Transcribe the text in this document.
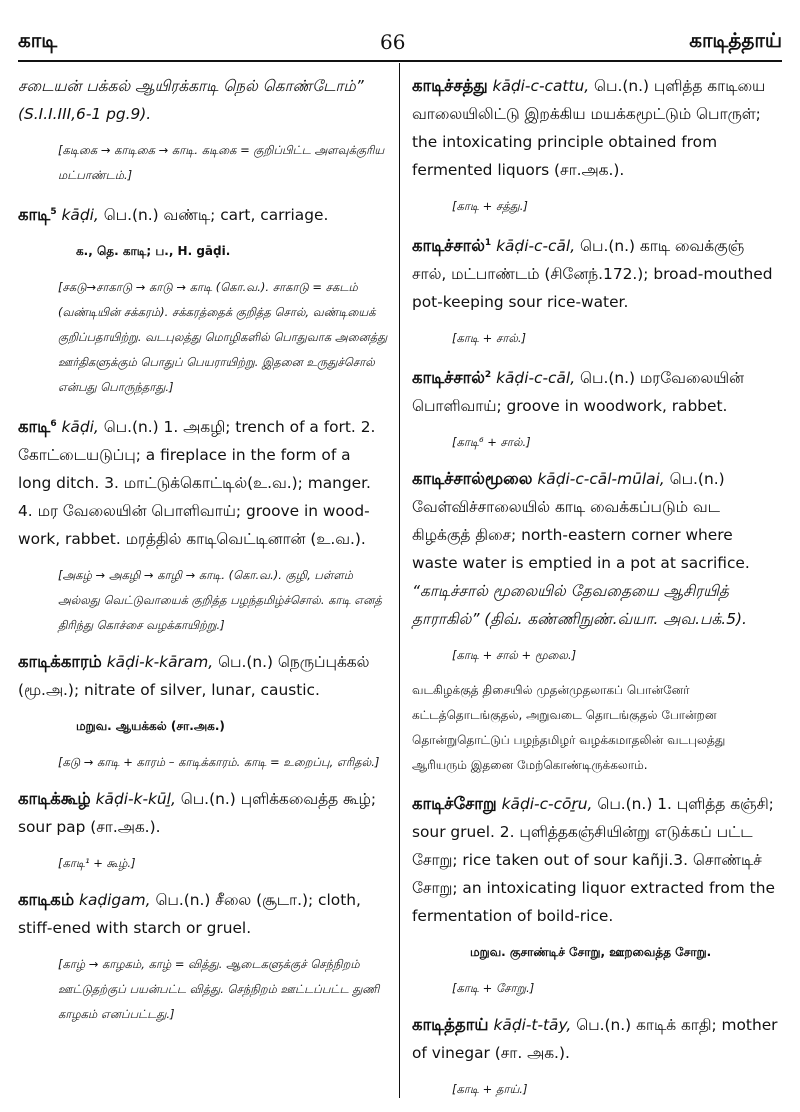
காடி	66	காடித்தாய்

சடையன் பக்கல் ஆயிரக்காடி நெல் கொண்டோம்” (S.I.I.III,6-1 pg.9).

[கடிகை → காடிகை → காடி. கடிகை = குறிப்பிட்ட அளவுக்குரிய மட்பாண்டம்.]

காடி$^5$ kāḍi, பெ.(n.) வண்டி; cart, carriage.

க., தெ. காடி; ப., H. gāḍi.

[சகடு→சாகாடு → காடு → காடி (கொ.வ.). சாகாடு = சகடம் (வண்டியின் சக்கரம்). சக்கரத்தைக் குறித்த சொல், வண்டியைக் குறிப்பதாயிற்று. வடபுலத்து மொழிகளில் பொதுவாக அனைத்து ஊர்திகளுக்கும் பொதுப் பெயராயிற்று. இதனை உருதுச்சொல் என்பது பொருந்தாது.]

காடி$^6$ kāḍi, பெ.(n.) 1. அகழி; trench of a fort. 2. கோட்டையடுப்பு; a fireplace in the form of a long ditch. 3. மாட்டுக்கொட்டில்(உ.வ.); manger. 4. மர வேலையின் பொளிவாய்; groove in wood-work, rabbet. மரத்தில் காடிவெட்டினான் (உ.வ.).

[அகழ் → அகழி → காழி → காடி. (கொ.வ.). குழி, பள்ளம் அல்லது வெட்டுவாயைக் குறித்த பழந்தமிழ்ச்சொல். காடி எனத் திரிந்து கொச்சை வழக்காயிற்று.]

காடிக்காரம் kāḍi-k-kāram, பெ.(n.) நெருப்புக்கல் (மூ.அ.); nitrate of silver, lunar, caustic.

மறுவ. ஆயக்கல் (சா.அக.)

[கடு → காடி + காரம் – காடிக்காரம். காடி = உறைப்பு, எரிதல்.]

காடிக்கூழ் kāḍi-k-kūḻ, பெ.(n.) புளிக்கவைத்த கூழ்; sour pap (சா.அக.).

[காடி¹ + கூழ்.]

காடிகம் kaḍigam, பெ.(n.) சீலை (சூடா.); cloth, stiff-ened with starch or gruel.

[காழ் → காழகம், காழ் = வித்து. ஆடைகளுக்குச் செந்நிறம் ஊட்டுதற்குப் பயன்பட்ட வித்து. செந்நிறம் ஊட்டப்பட்ட துணி காழகம் எனப்பட்டது.]

காடிச்சத்து kāḍi-c-cattu, பெ.(n.) புளித்த காடியை வாலையிலிட்டு இறக்கிய மயக்கமூட்டும் பொருள்; the intoxicating principle obtained from fermented liquors (சா.அக.).

[காடி + சத்து.]

காடிச்சால்$^1$ kāḍi-c-cāl, பெ.(n.) காடி வைக்குஞ் சால், மட்பாண்டம் (சினேந்.172.); broad-mouthed pot-keeping sour rice-water.

[காடி + சால்.]

காடிச்சால்$^2$ kāḍi-c-cāl, பெ.(n.) மரவேலையின் பொளிவாய்; groove in woodwork, rabbet.

[காடி⁶ + சால்.]

காடிச்சால்மூலை kāḍi-c-cāl-mūlai, பெ.(n.) வேள்விச்சாலையில் காடி வைக்கப்படும் வட கிழக்குத் திசை; north-eastern corner where waste water is emptied in a pot at sacrifice. “காடிச்சால் மூலையில் தேவதையை ஆசிரயித் தாராகில்” (திவ். கண்ணிநுண்.வ்யா. அவ.பக்.5).

[காடி + சால் + மூலை.]

வடகிழக்குத் திசையில் முதன்முதலாகப் பொன்னேர் கட்டத்தொடங்குதல், அறுவடை தொடங்குதல் போன்றன தொன்றுதொட்டுப் பழந்தமிழர் வழக்கமாதலின் வடபுலத்து ஆரியரும் இதனை மேற்கொண்டிருக்கலாம்.

காடிச்சோறு kāḍi-c-cōṟu, பெ.(n.) 1. புளித்த கஞ்சி; sour gruel. 2. புளித்தகஞ்சியின்று எடுக்கப் பட்ட சோறு; rice taken out of sour kañji.3. சொண்டிச் சோறு; an intoxicating liquor extracted from the fermentation of boild-rice.

மறுவ. குசாண்டிச் சோறு, ஊறவைத்த சோறு.

[காடி + சோறு.]

காடித்தாய் kāḍi-t-tāy, பெ.(n.) காடிக் காதி; mother of vinegar (சா. அக.).

[காடி + தாய்.]
